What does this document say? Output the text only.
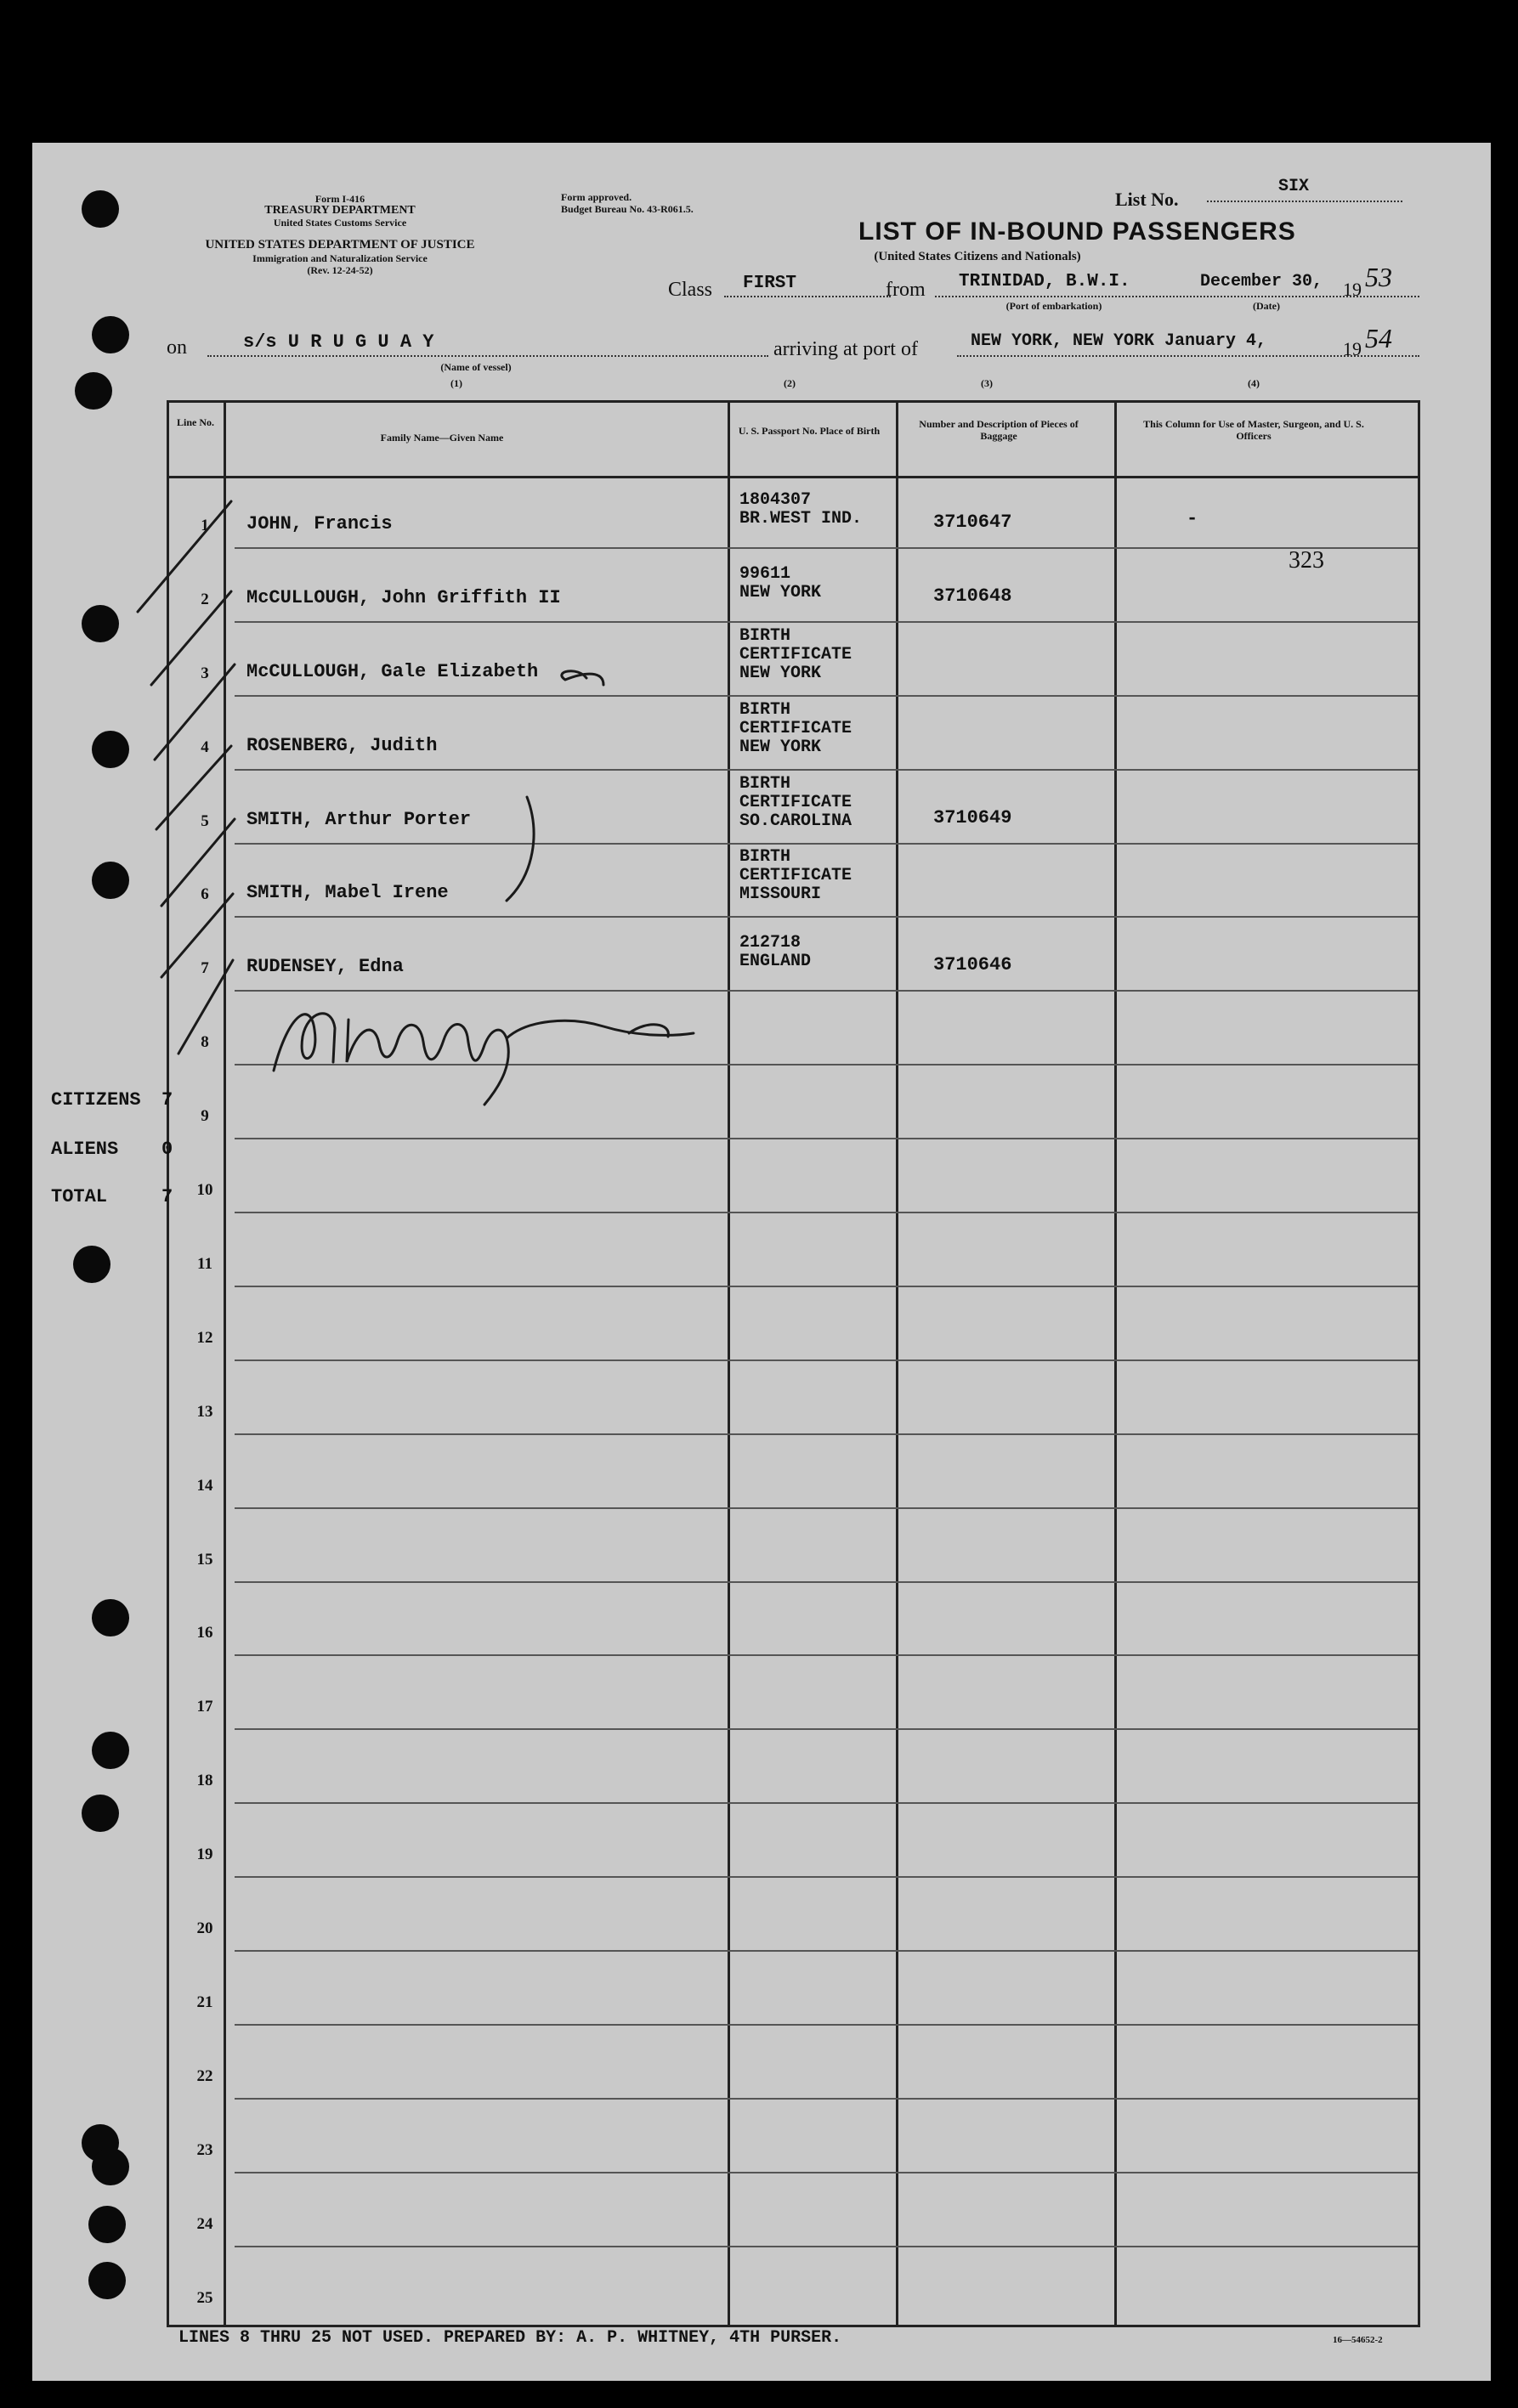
Form I-416
TREASURY DEPARTMENT
United States Customs Service
UNITED STATES DEPARTMENT OF JUSTICE
Immigration and Naturalization Service
(Rev. 12-24-52)
Form approved.
Budget Bureau No. 43-R061.5.	List No.
SIX
LIST OF IN-BOUND PASSENGERS
(United States Citizens and Nationals)
Class FIRST	from TRINIDAD, B.W.I.	December 30, 19 53
(Port of embarkation)	(Date)
on	s/s U R U G U A Y
(Name of vessel)
arriving at port of	NEW YORK, NEW YORK January 4,	19 54
(1)	(2)	(3)	(4)
Line No.
Family Name—Given Name
U. S. Passport No. Place of Birth
Number and Description of Pieces of Baggage
This Column for Use of Master, Surgeon, and U. S. Officers
1	JOHN, Francis
1804307
BR.WEST IND.	3710647	-
2	McCULLOUGH, John Griffith II
99611
NEW YORK	3710648
3	McCULLOUGH, Gale Elizabeth
BIRTH
CERTIFICATE
NEW YORK
4	ROSENBERG, Judith
BIRTH
CERTIFICATE
NEW YORK
5	SMITH, Arthur Porter
BIRTH
CERTIFICATE
SO.CAROLINA	3710649
6	SMITH, Mabel Irene
BIRTH
CERTIFICATE
MISSOURI
7	RUDENSEY, Edna
212718
ENGLAND	3710646
8
9
10
11
12
13
14
15
16
17
18
19
20
21
22
23
24
25
323
CITIZENS 7
ALIENS 0
TOTAL	7
LINES 8 THRU 25 NOT USED. PREPARED BY: A. P. WHITNEY, 4TH PURSER.	16—54652-2
